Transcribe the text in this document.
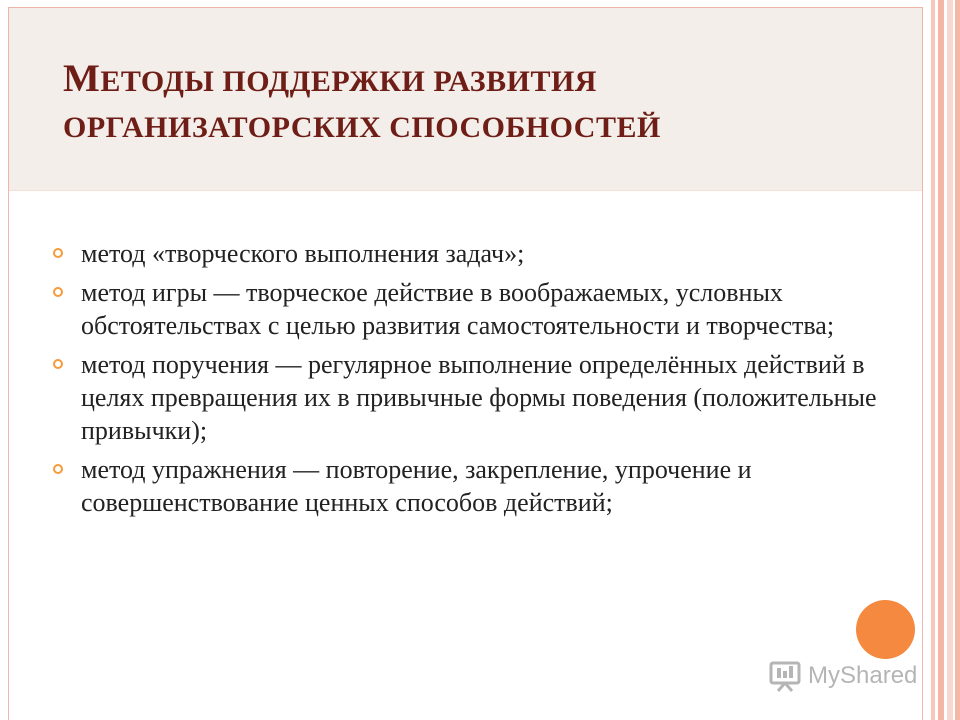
МЕТОДЫ ПОДДЕРЖКИ РАЗВИТИЯ
ОРГАНИЗАТОРСКИХ СПОСОБНОСТЕЙ
метод «творческого выполнения задач»;
метод игры — творческое действие в воображаемых, условных обстоятельствах с целью развития самостоятельности и творчества;
метод поручения — регулярное выполнение определённых действий в целях превращения их в привычные формы поведения (положительные привычки);
метод упражнения — повторение, закрепление, упрочение и совершенствование ценных способов действий;
MyShared
